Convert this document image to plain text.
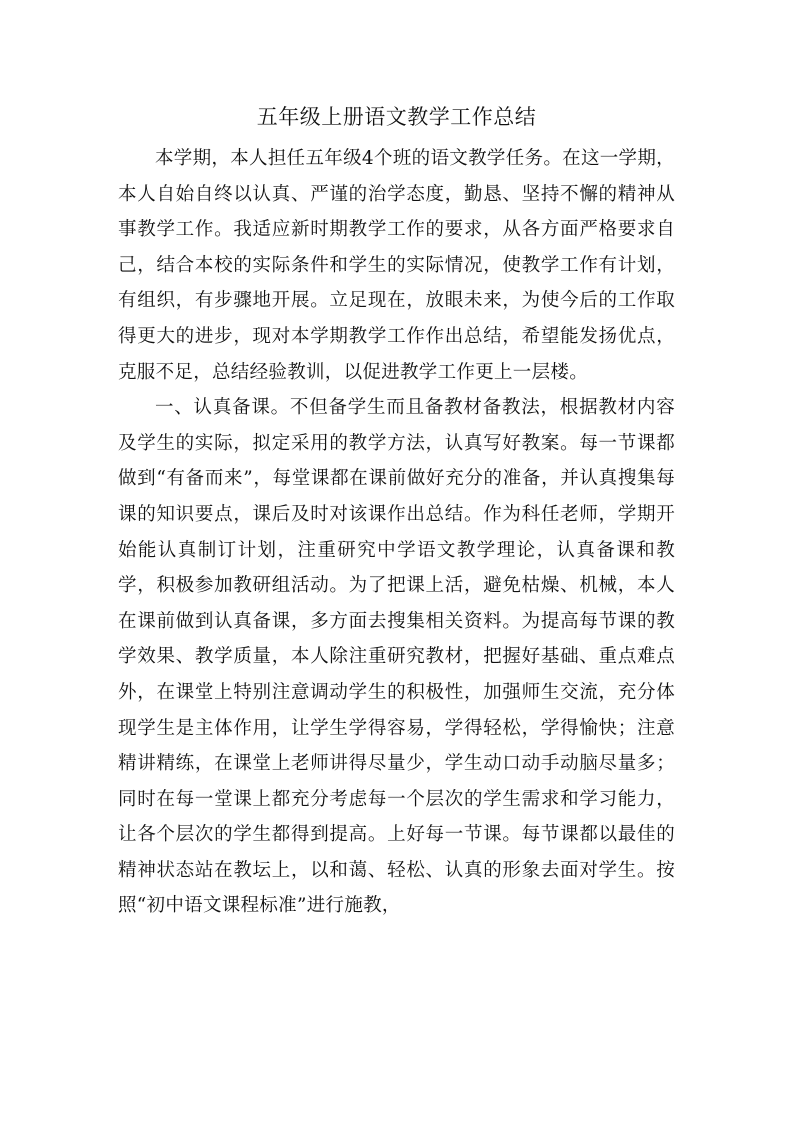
五年级上册语文教学工作总结

本学期，本人担任五年级4个班的语文教学任务。在这一学期，本人自始自终以认真、严谨的治学态度，勤恳、坚持不懈的精神从事教学工作。我适应新时期教学工作的要求，从各方面严格要求自己，结合本校的实际条件和学生的实际情况，使教学工作有计划，有组织，有步骤地开展。立足现在，放眼未来，为使今后的工作取得更大的进步，现对本学期教学工作作出总结，希望能发扬优点，克服不足，总结经验教训，以促进教学工作更上一层楼。

一、认真备课。不但备学生而且备教材备教法，根据教材内容及学生的实际，拟定采用的教学方法，认真写好教案。每一节课都做到“有备而来”，每堂课都在课前做好充分的准备，并认真搜集每课的知识要点，课后及时对该课作出总结。作为科任老师，学期开始能认真制订计划，注重研究中学语文教学理论，认真备课和教学，积极参加教研组活动。为了把课上活，避免枯燥、机械，本人在课前做到认真备课，多方面去搜集相关资料。为提高每节课的教学效果、教学质量，本人除注重研究教材，把握好基础、重点难点外，在课堂上特别注意调动学生的积极性，加强师生交流，充分体现学生是主体作用，让学生学得容易，学得轻松，学得愉快；注意精讲精练，在课堂上老师讲得尽量少，学生动口动手动脑尽量多；同时在每一堂课上都充分考虑每一个层次的学生需求和学习能力，让各个层次的学生都得到提高。上好每一节课。每节课都以最佳的精神状态站在教坛上，以和蔼、轻松、认真的形象去面对学生。按照“初中语文课程标准”进行施教，
